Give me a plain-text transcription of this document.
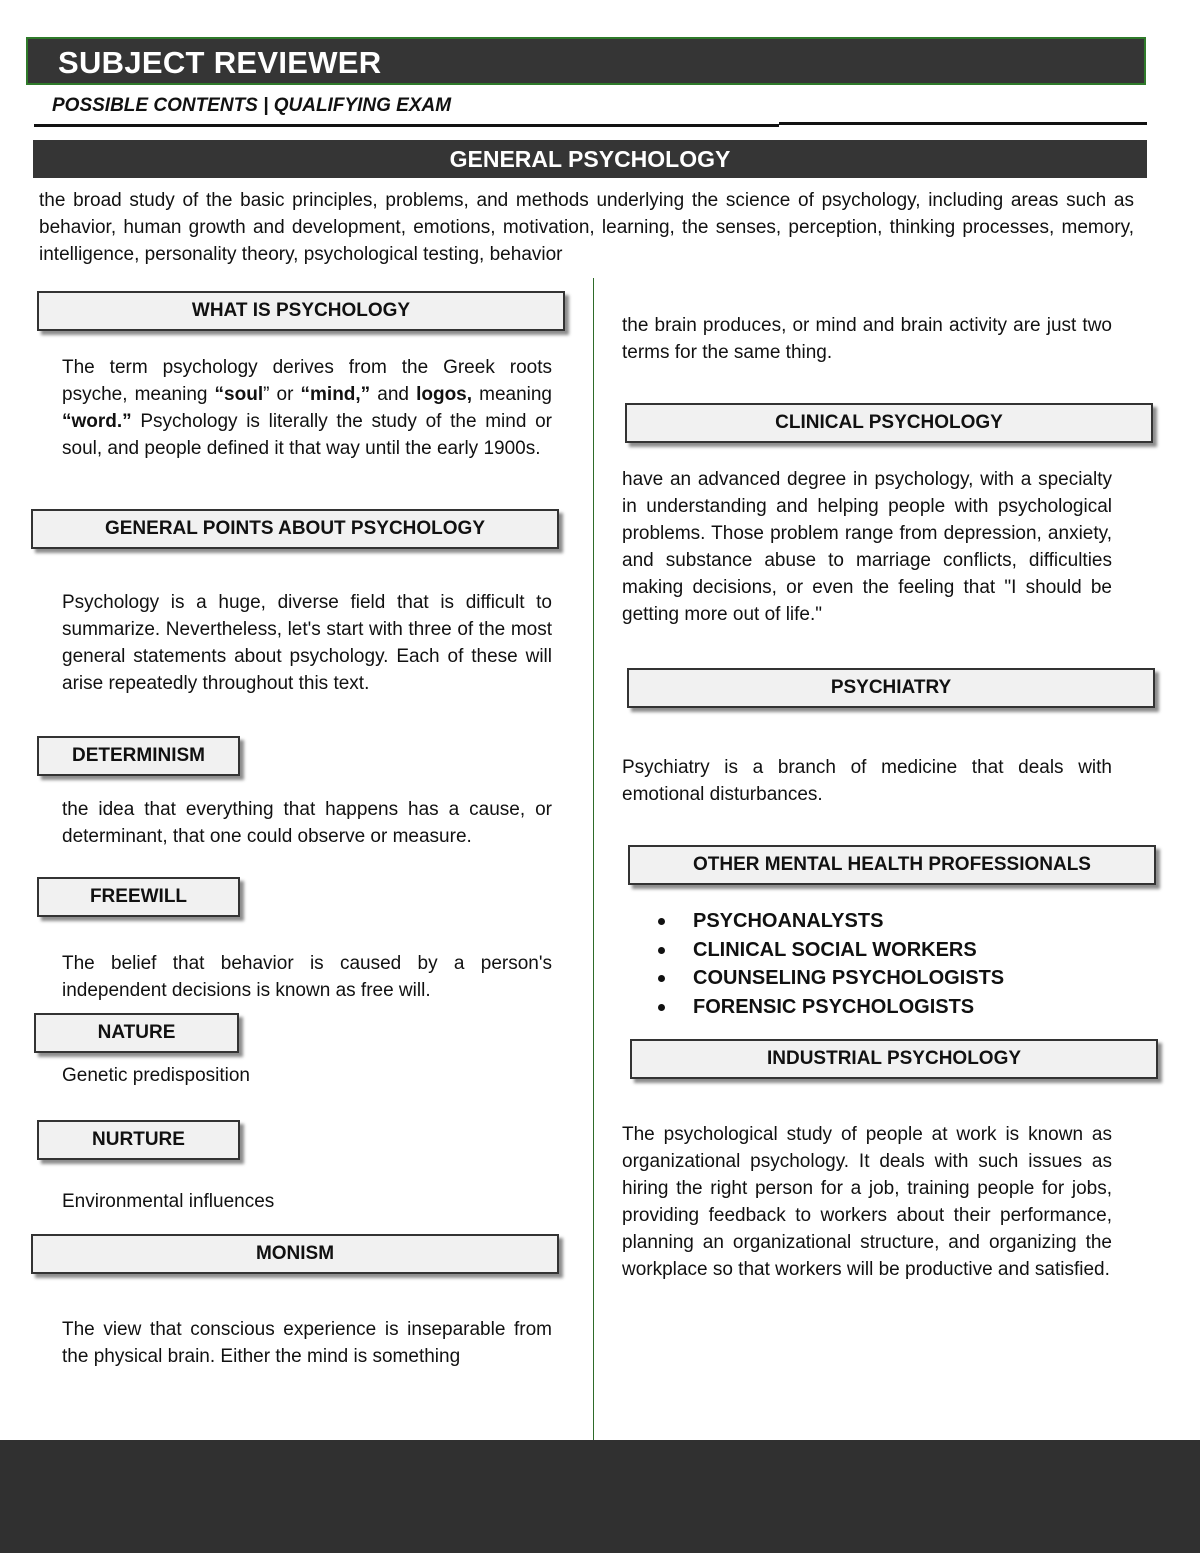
SUBJECT REVIEWER
POSSIBLE CONTENTS | QUALIFYING EXAM
GENERAL PSYCHOLOGY
the broad study of the basic principles, problems, and methods underlying the science of psychology, including areas such as behavior, human growth and development, emotions, motivation, learning, the senses, perception, thinking processes, memory, intelligence, personality theory, psychological testing, behavior
WHAT IS PSYCHOLOGY
The term psychology derives from the Greek roots psyche, meaning “soul” or “mind,” and logos, meaning “word.” Psychology is literally the study of the mind or soul, and people defined it that way until the early 1900s.
GENERAL POINTS ABOUT PSYCHOLOGY
Psychology is a huge, diverse field that is difficult to summarize. Nevertheless, let's start with three of the most general statements about psychology. Each of these will arise repeatedly throughout this text.
DETERMINISM
the idea that everything that happens has a cause, or determinant, that one could observe or measure.
FREEWILL
The belief that behavior is caused by a person's independent decisions is known as free will.
NATURE
Genetic predisposition
NURTURE
Environmental influences
MONISM
The view that conscious experience is inseparable from the physical brain. Either the mind is something
the brain produces, or mind and brain activity are just two terms for the same thing.
CLINICAL PSYCHOLOGY
have an advanced degree in psychology, with a specialty in understanding and helping people with psychological problems. Those problem range from depression, anxiety, and substance abuse to marriage conflicts, difficulties making decisions, or even the feeling that "I should be getting more out of life."
PSYCHIATRY
Psychiatry is a branch of medicine that deals with emotional disturbances.
OTHER MENTAL HEALTH PROFESSIONALS
PSYCHOANALYSTS
CLINICAL SOCIAL WORKERS
COUNSELING PSYCHOLOGISTS
FORENSIC PSYCHOLOGISTS
INDUSTRIAL PSYCHOLOGY
The psychological study of people at work is known as organizational psychology. It deals with such issues as hiring the right person for a job, training people for jobs, providing feedback to workers about their performance, planning an organizational structure, and organizing the workplace so that workers will be productive and satisfied.
